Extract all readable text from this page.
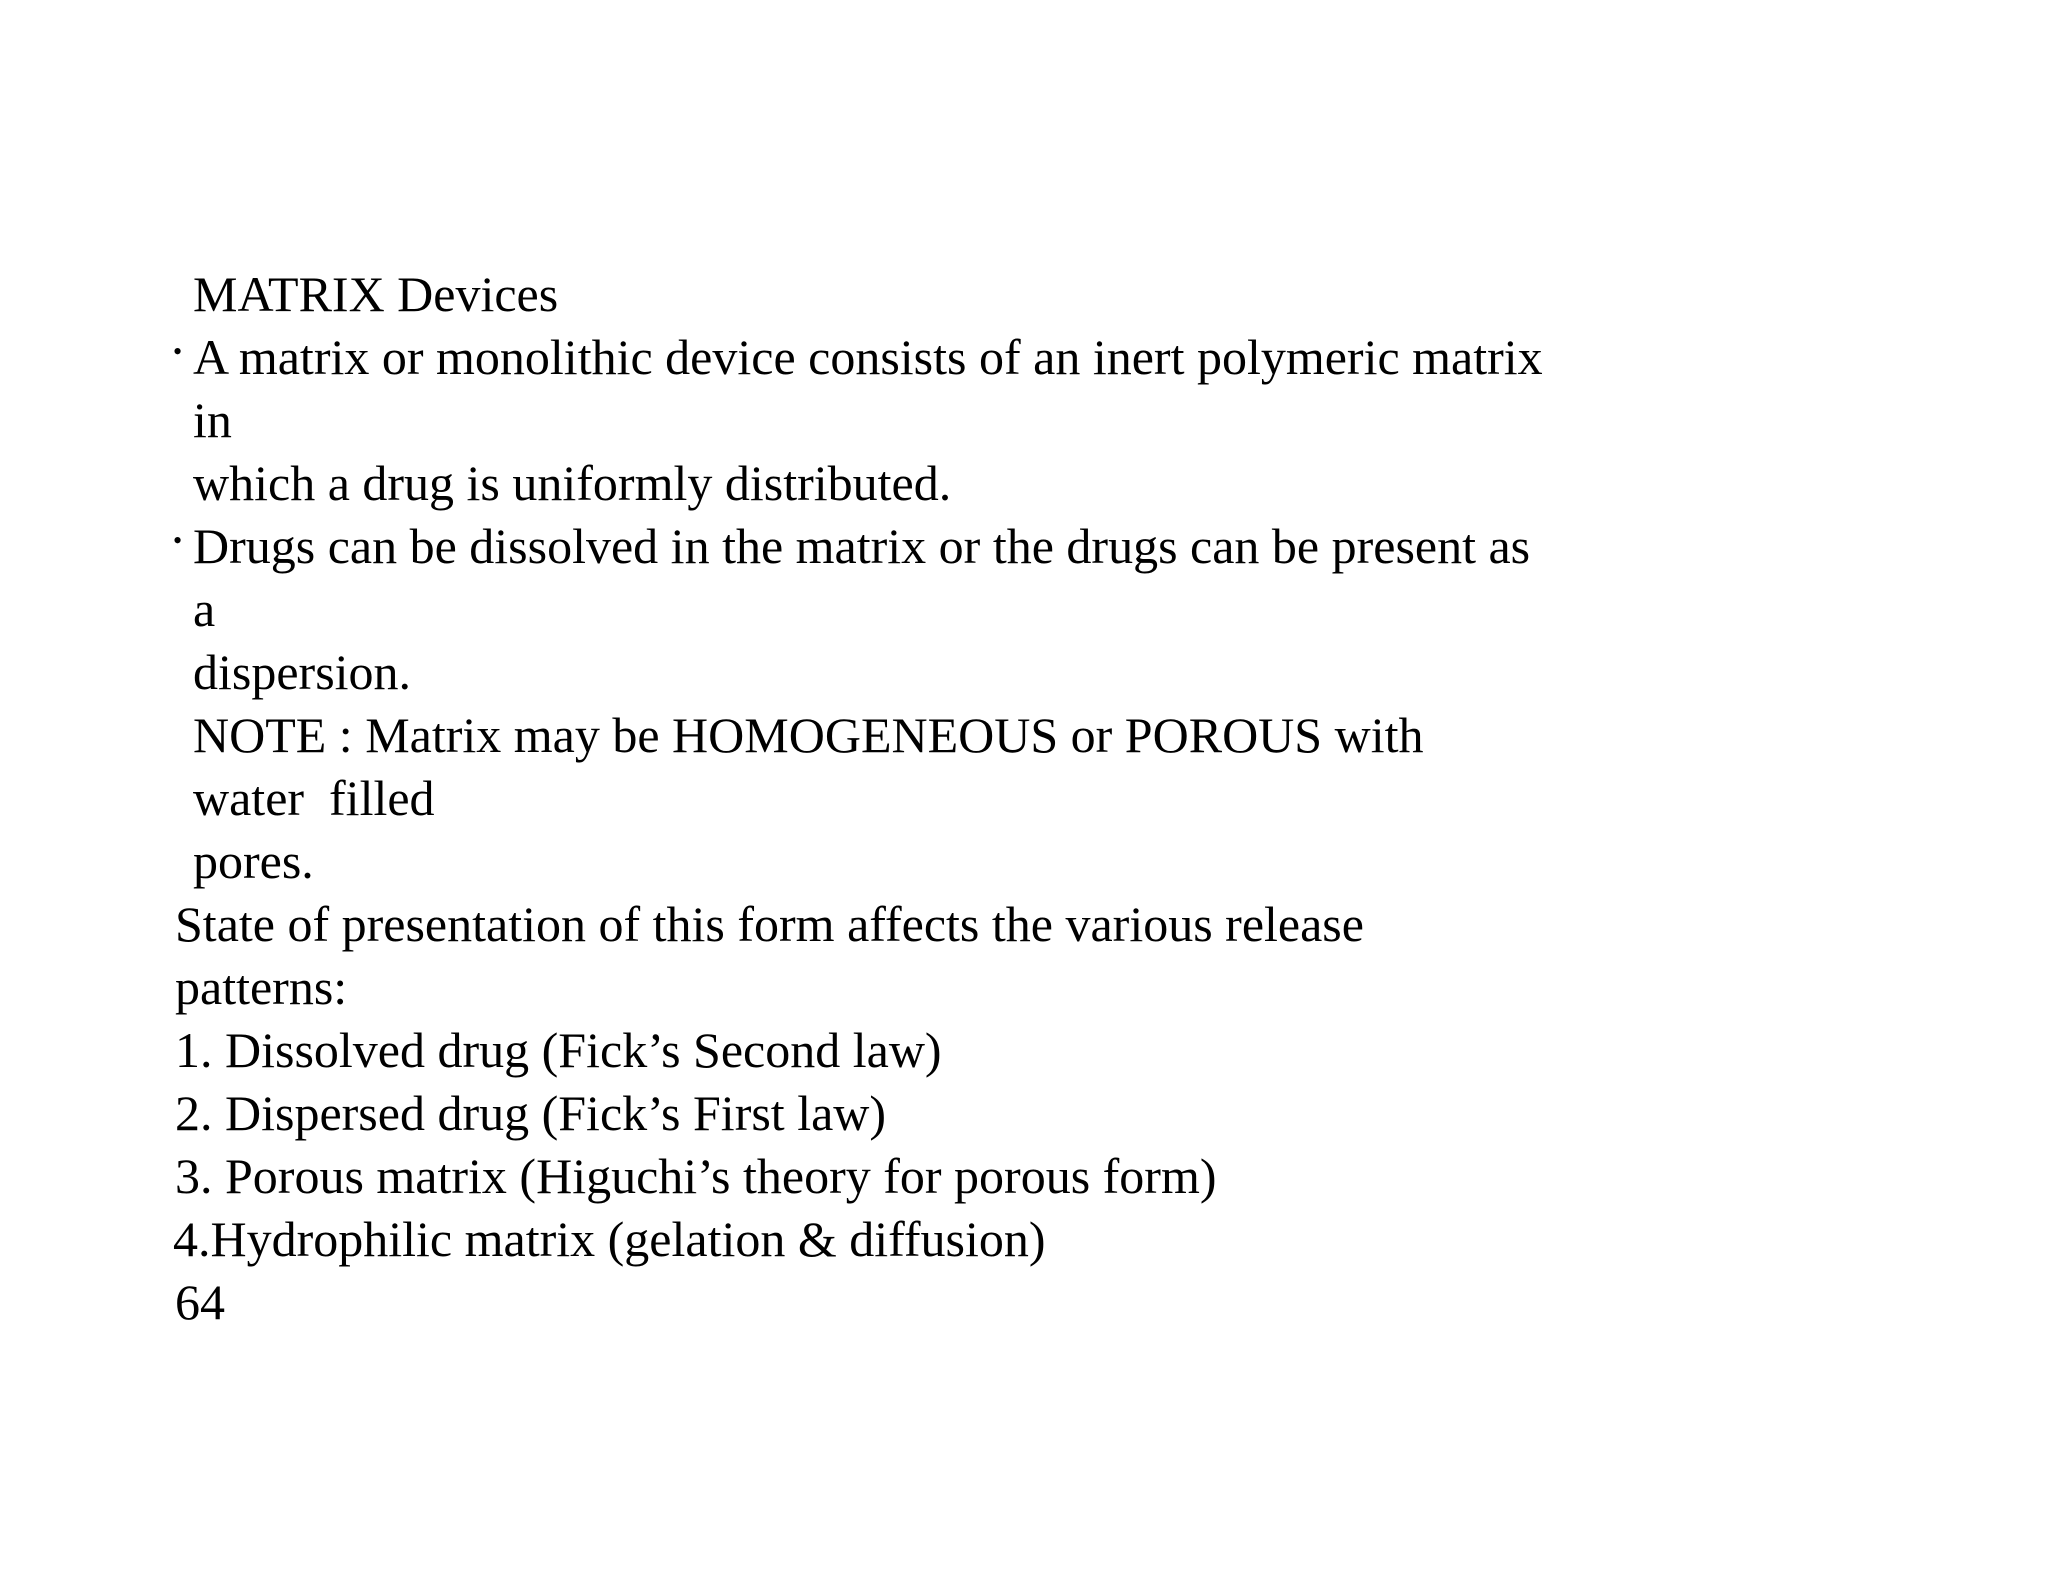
MATRIX Devices
• A matrix or monolithic device consists of an inert polymeric matrix
in
which a drug is uniformly distributed.
• Drugs can be dissolved in the matrix or the drugs can be present as
a
dispersion.
NOTE : Matrix may be HOMOGENEOUS or POROUS with
water  filled
pores.
State of presentation of this form affects the various release
patterns:
1. Dissolved drug (Fick’s Second law)
2. Dispersed drug (Fick’s First law)
3. Porous matrix (Higuchi’s theory for porous form)
4.Hydrophilic matrix (gelation & diffusion)
64
